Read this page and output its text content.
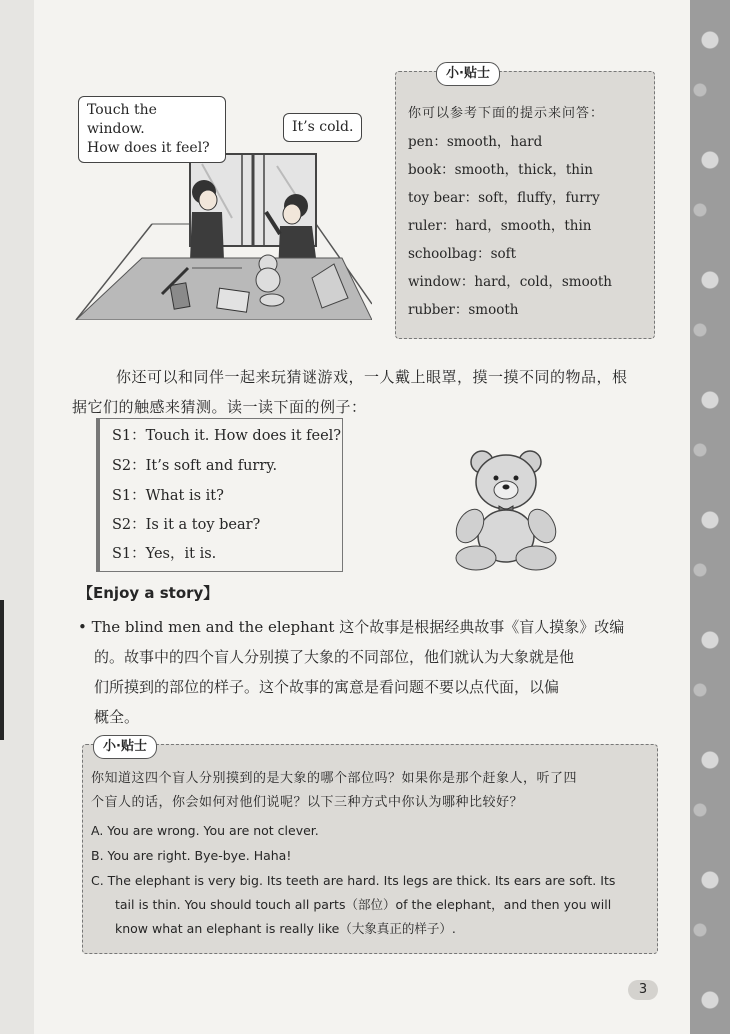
Touch the window.
How does it feel?
It’s cold.
小·贴士
你可以参考下面的提示来问答：
pen：smooth，hard
book：smooth，thick，thin
toy bear：soft，fluffy，furry
ruler：hard，smooth，thin
schoolbag：soft
window：hard，cold，smooth
rubber：smooth

你还可以和同伴一起来玩猜谜游戏，一人戴上眼罩，摸一摸不同的物品，根

据它们的触感来猜测。读一读下面的例子：

S1：Touch it. How does it feel?
S2：It’s soft and furry.
S1：What is it?
S2：Is it a toy bear?
S1：Yes，it is.
【Enjoy a story】

• The blind men and the elephant 这个故事是根据经典故事《盲人摸象》改编

的。故事中的四个盲人分别摸了大象的不同部位，他们就认为大象就是他

们所摸到的部位的样子。这个故事的寓意是看问题不要以点代面，以偏

概全。

小·贴士
你知道这四个盲人分别摸到的是大象的哪个部位吗？如果你是那个赶象人，听了四
个盲人的话，你会如何对他们说呢？以下三种方式中你认为哪种比较好？
A. You are wrong. You are not clever.
B. You are right. Bye-bye. Haha!
C. The elephant is very big. Its teeth are hard. Its legs are thick. Its ears are soft. Its
tail is thin. You should touch all parts（部位）of the elephant，and then you will
know what an elephant is really like（大象真正的样子）.
3
